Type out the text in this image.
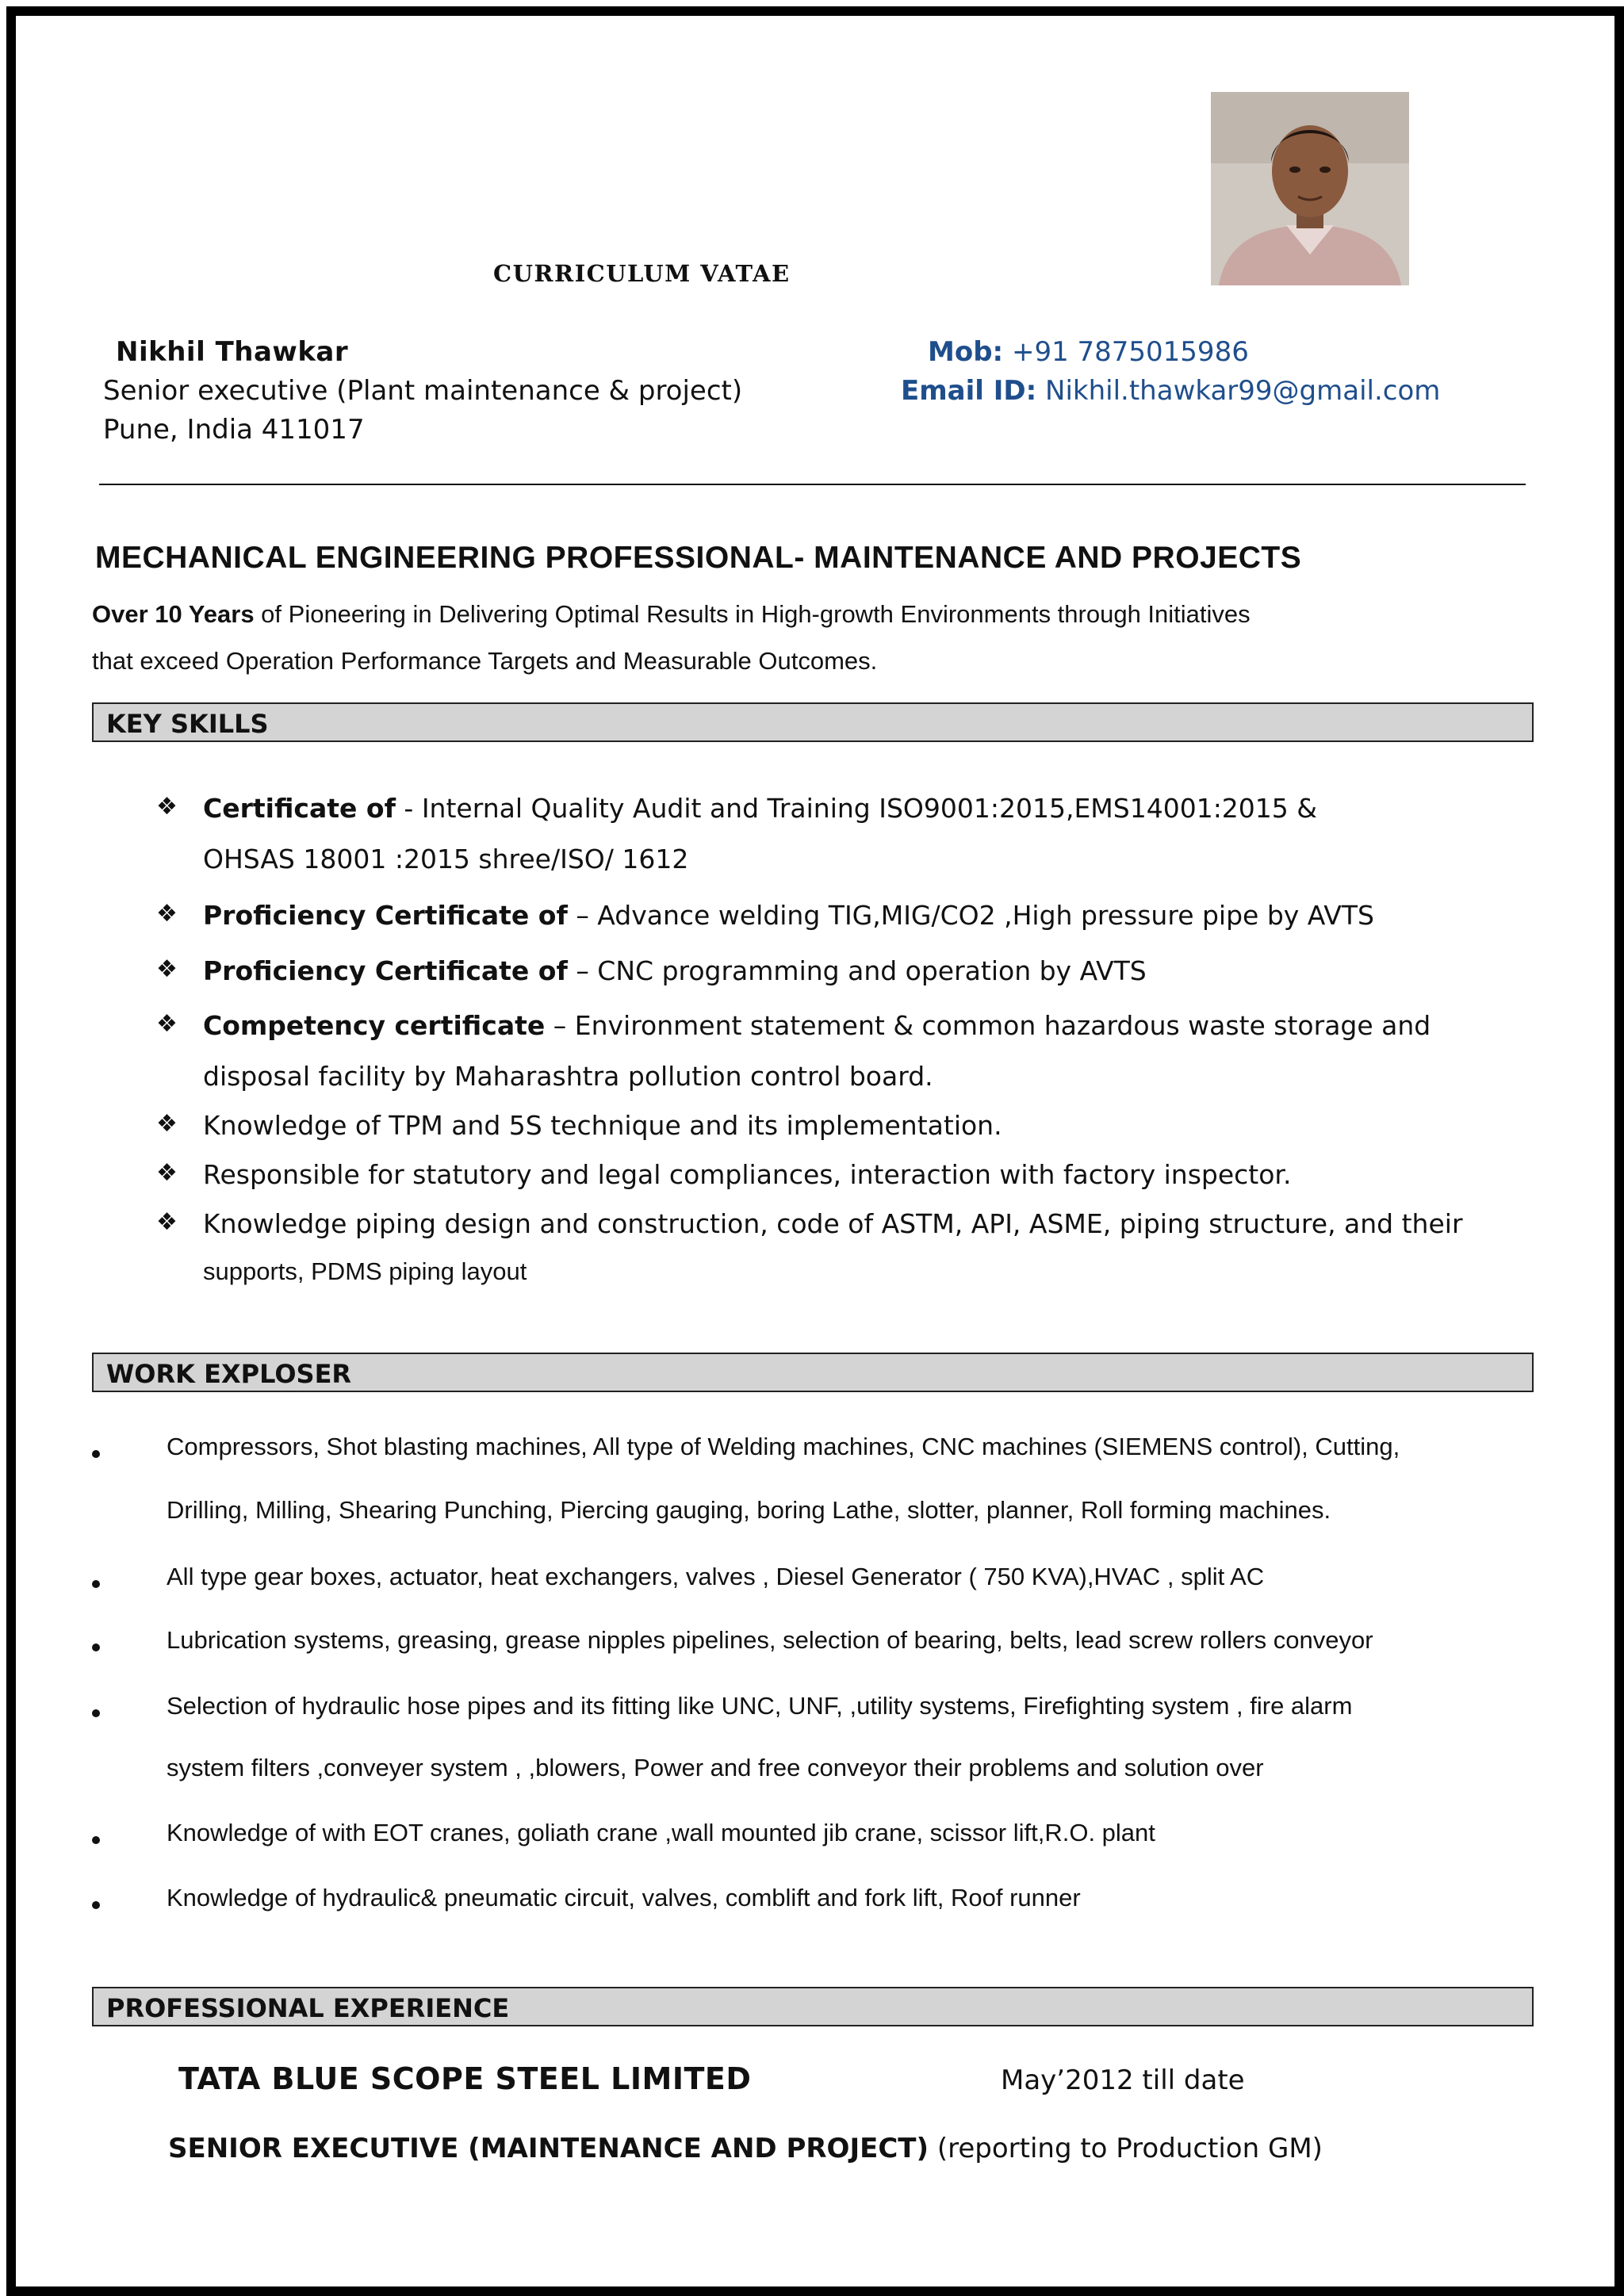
CURRICULUM VATAE
Nikhil Thawkar
Senior executive (Plant maintenance & project)
Pune, India 411017
Mob: +91 7875015986
Email ID: Nikhil.thawkar99@gmail.com
MECHANICAL ENGINEERING PROFESSIONAL- MAINTENANCE AND PROJECTS
Over 10 Years of Pioneering in Delivering Optimal Results in High-growth Environments through Initiatives
that exceed Operation Performance Targets and Measurable Outcomes.
KEY SKILLS
❖ Certificate of - Internal Quality Audit and Training ISO9001:2015,EMS14001:2015 &
OHSAS 18001 :2015 shree/ISO/ 1612
❖ Proficiency Certificate of – Advance welding TIG,MIG/CO2 ,High pressure pipe by AVTS
❖ Proficiency Certificate of – CNC programming and operation by AVTS
❖ Competency certificate – Environment statement & common hazardous waste storage and
disposal facility by Maharashtra pollution control board.
❖ Knowledge of TPM and 5S technique and its implementation.
❖ Responsible for statutory and legal compliances, interaction with factory inspector.
❖ Knowledge piping design and construction, code of ASTM, API, ASME, piping structure, and their
supports, PDMS piping layout
WORK EXPLOSER
Compressors, Shot blasting machines, All type of Welding machines, CNC machines (SIEMENS control), Cutting,
Drilling, Milling, Shearing Punching, Piercing gauging, boring Lathe, slotter, planner, Roll forming machines.
All type gear boxes, actuator, heat exchangers, valves , Diesel Generator ( 750 KVA),HVAC , split AC
Lubrication systems, greasing, grease nipples pipelines, selection of bearing, belts, lead screw rollers conveyor
Selection of hydraulic hose pipes and its fitting like UNC, UNF, ,utility systems, Firefighting system , fire alarm
system filters ,conveyer system , ,blowers, Power and free conveyor their problems and solution over
Knowledge of with EOT cranes, goliath crane ,wall mounted jib crane, scissor lift,R.O. plant
Knowledge of hydraulic& pneumatic circuit, valves, comblift and fork lift, Roof runner
PROFESSIONAL EXPERIENCE
TATA BLUE SCOPE STEEL LIMITED	May’2012 till date
SENIOR EXECUTIVE (MAINTENANCE AND PROJECT) (reporting to Production GM)
